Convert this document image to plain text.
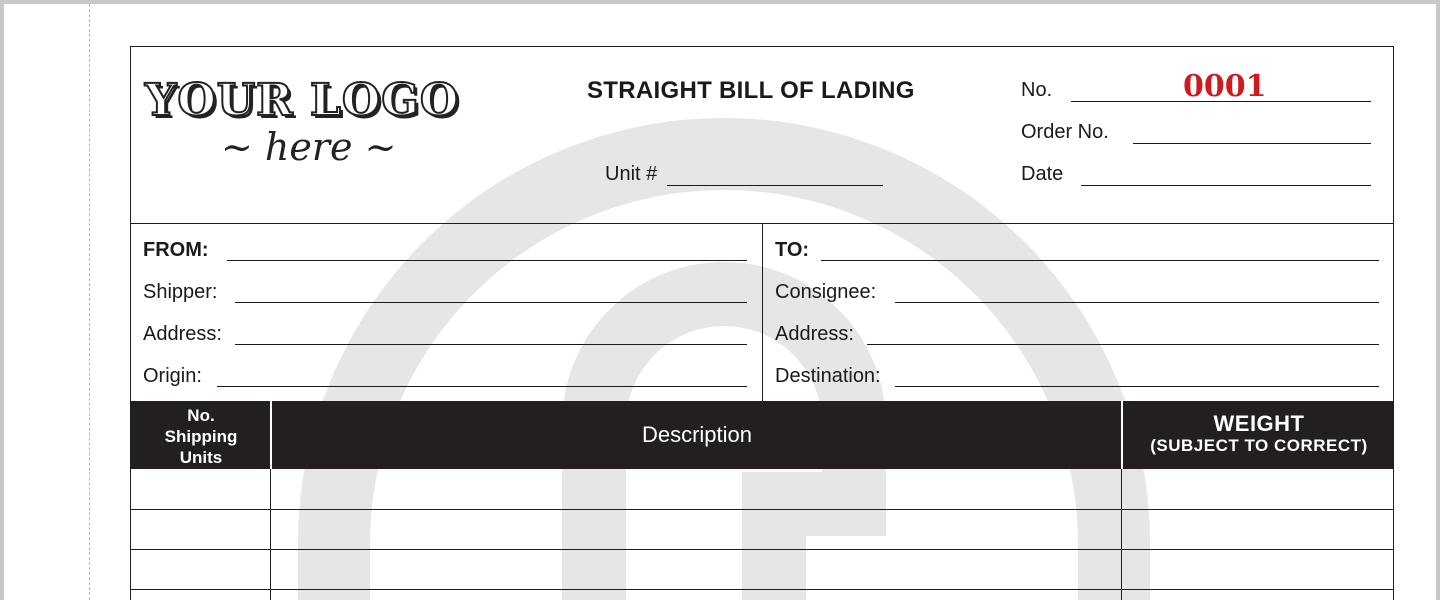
YOUR LOGO
~ here ~
STRAIGHT BILL OF LADING
Unit #
No.	0001
Order No.
Date
FROM:
Shipper:
Address:
Origin:
TO:
Consignee:
Address:
Destination:
No.
Shipping
Units
Description	WEIGHT
(SUBJECT TO CORRECT)
